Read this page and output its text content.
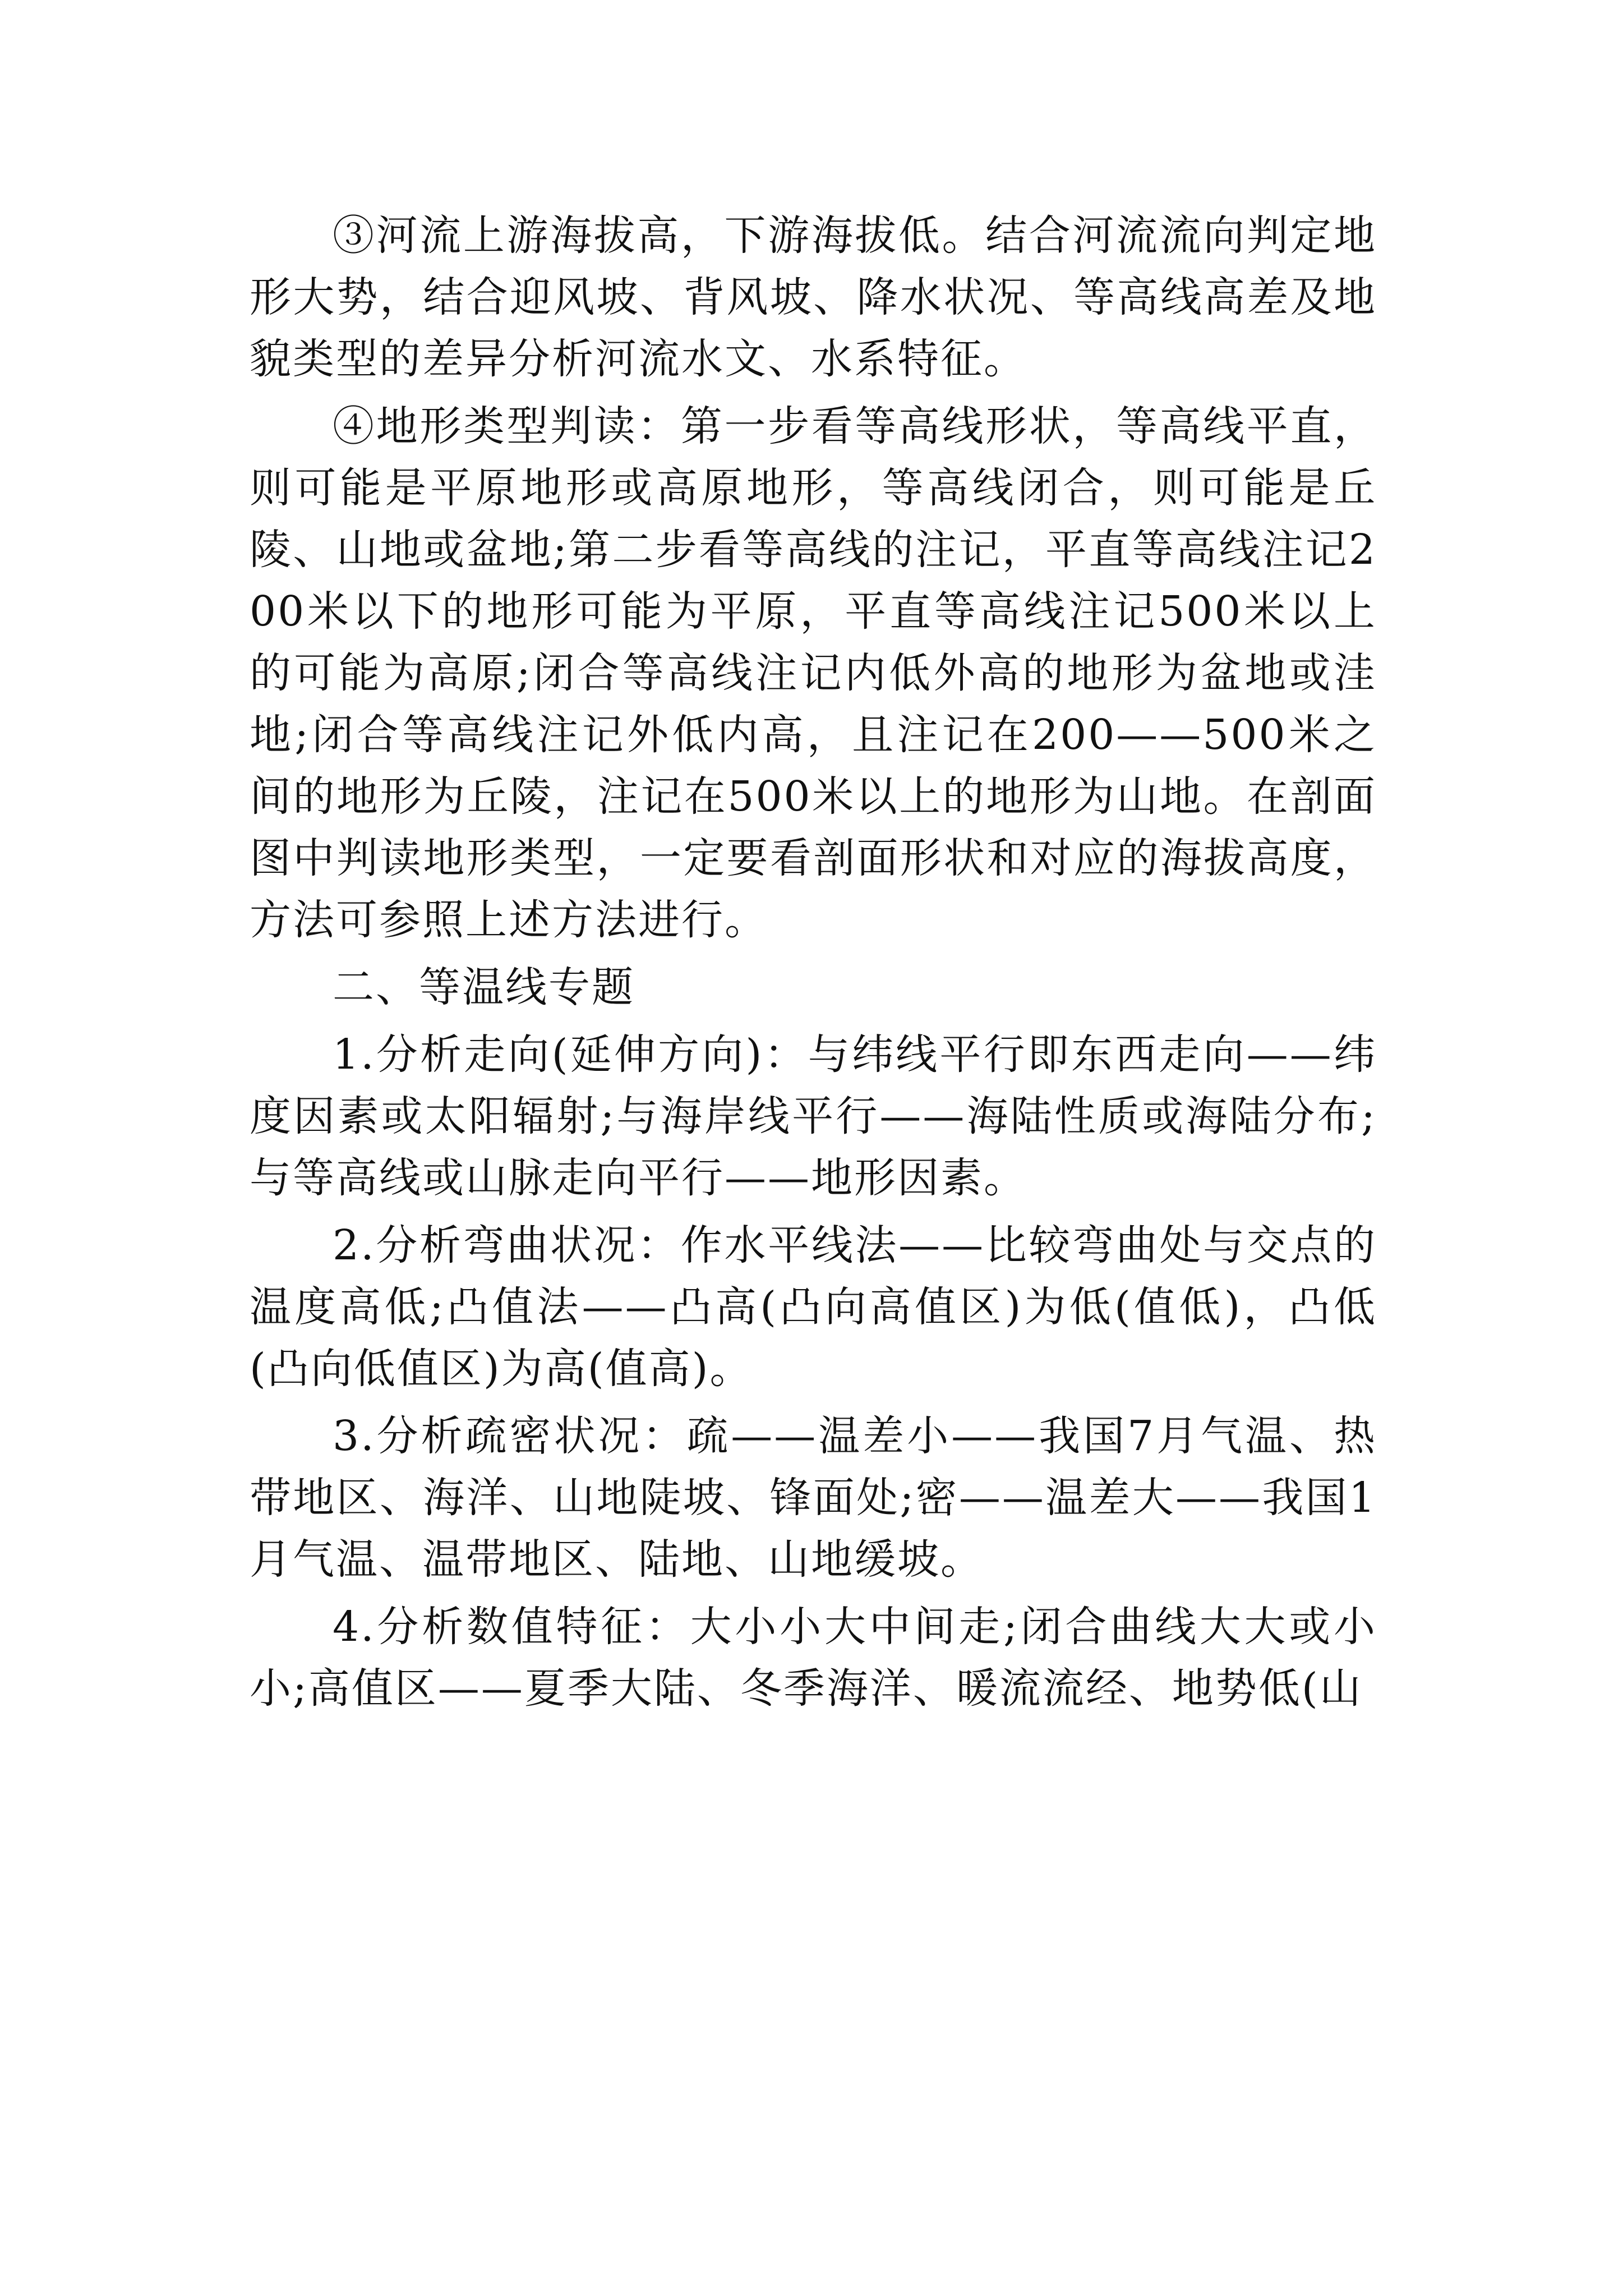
③河流上游海拔高，下游海拔低。结合河流流向判定地形大势，结合迎风坡、背风坡、降水状况、等高线高差及地貌类型的差异分析河流水文、水系特征。

④地形类型判读：第一步看等高线形状，等高线平直，则可能是平原地形或高原地形，等高线闭合，则可能是丘陵、山地或盆地;第二步看等高线的注记，平直等高线注记200米以下的地形可能为平原，平直等高线注记500米以上的可能为高原;闭合等高线注记内低外高的地形为盆地或洼地;闭合等高线注记外低内高，且注记在200——500米之间的地形为丘陵，注记在500米以上的地形为山地。在剖面图中判读地形类型，一定要看剖面形状和对应的海拔高度，方法可参照上述方法进行。

二、等温线专题

1.分析走向(延伸方向)：与纬线平行即东西走向——纬度因素或太阳辐射;与海岸线平行——海陆性质或海陆分布;与等高线或山脉走向平行——地形因素。

2.分析弯曲状况：作水平线法——比较弯曲处与交点的温度高低;凸值法——凸高(凸向高值区)为低(值低)，凸低(凸向低值区)为高(值高)。

3.分析疏密状况：疏——温差小——我国7月气温、热带地区、海洋、山地陡坡、锋面处;密——温差大——我国1月气温、温带地区、陆地、山地缓坡。

4.分析数值特征：大小小大中间走;闭合曲线大大或小小;高值区——夏季大陆、冬季海洋、暖流流经、地势低(山
